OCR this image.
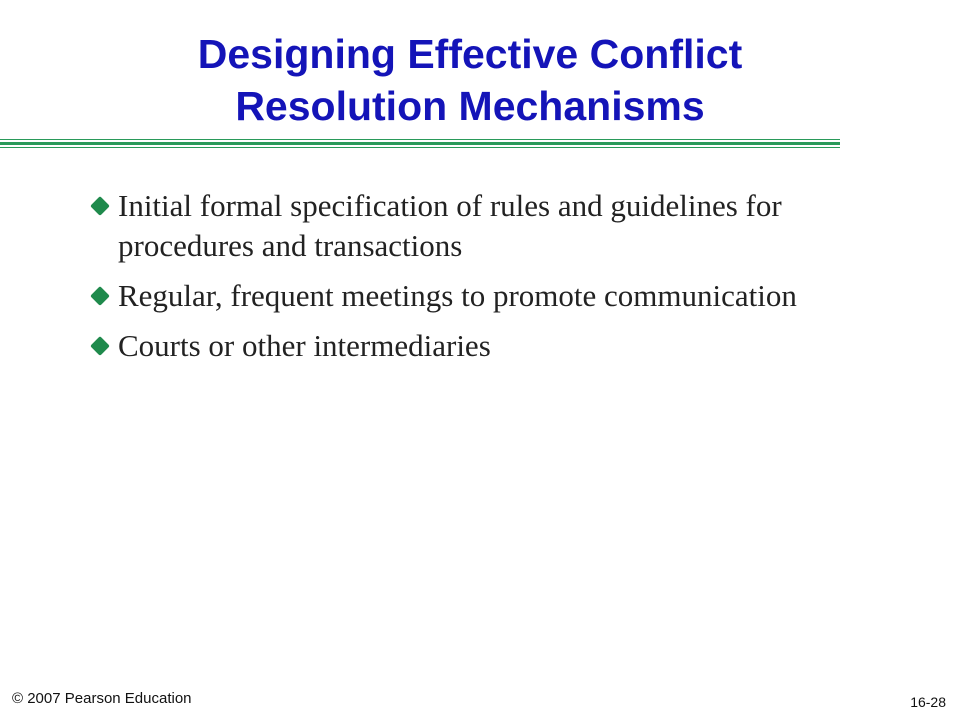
Designing Effective Conflict
Resolution Mechanisms
Initial formal specification of rules and guidelines for procedures and transactions
Regular, frequent meetings to promote communication
Courts or other intermediaries
© 2007 Pearson Education	16-28
